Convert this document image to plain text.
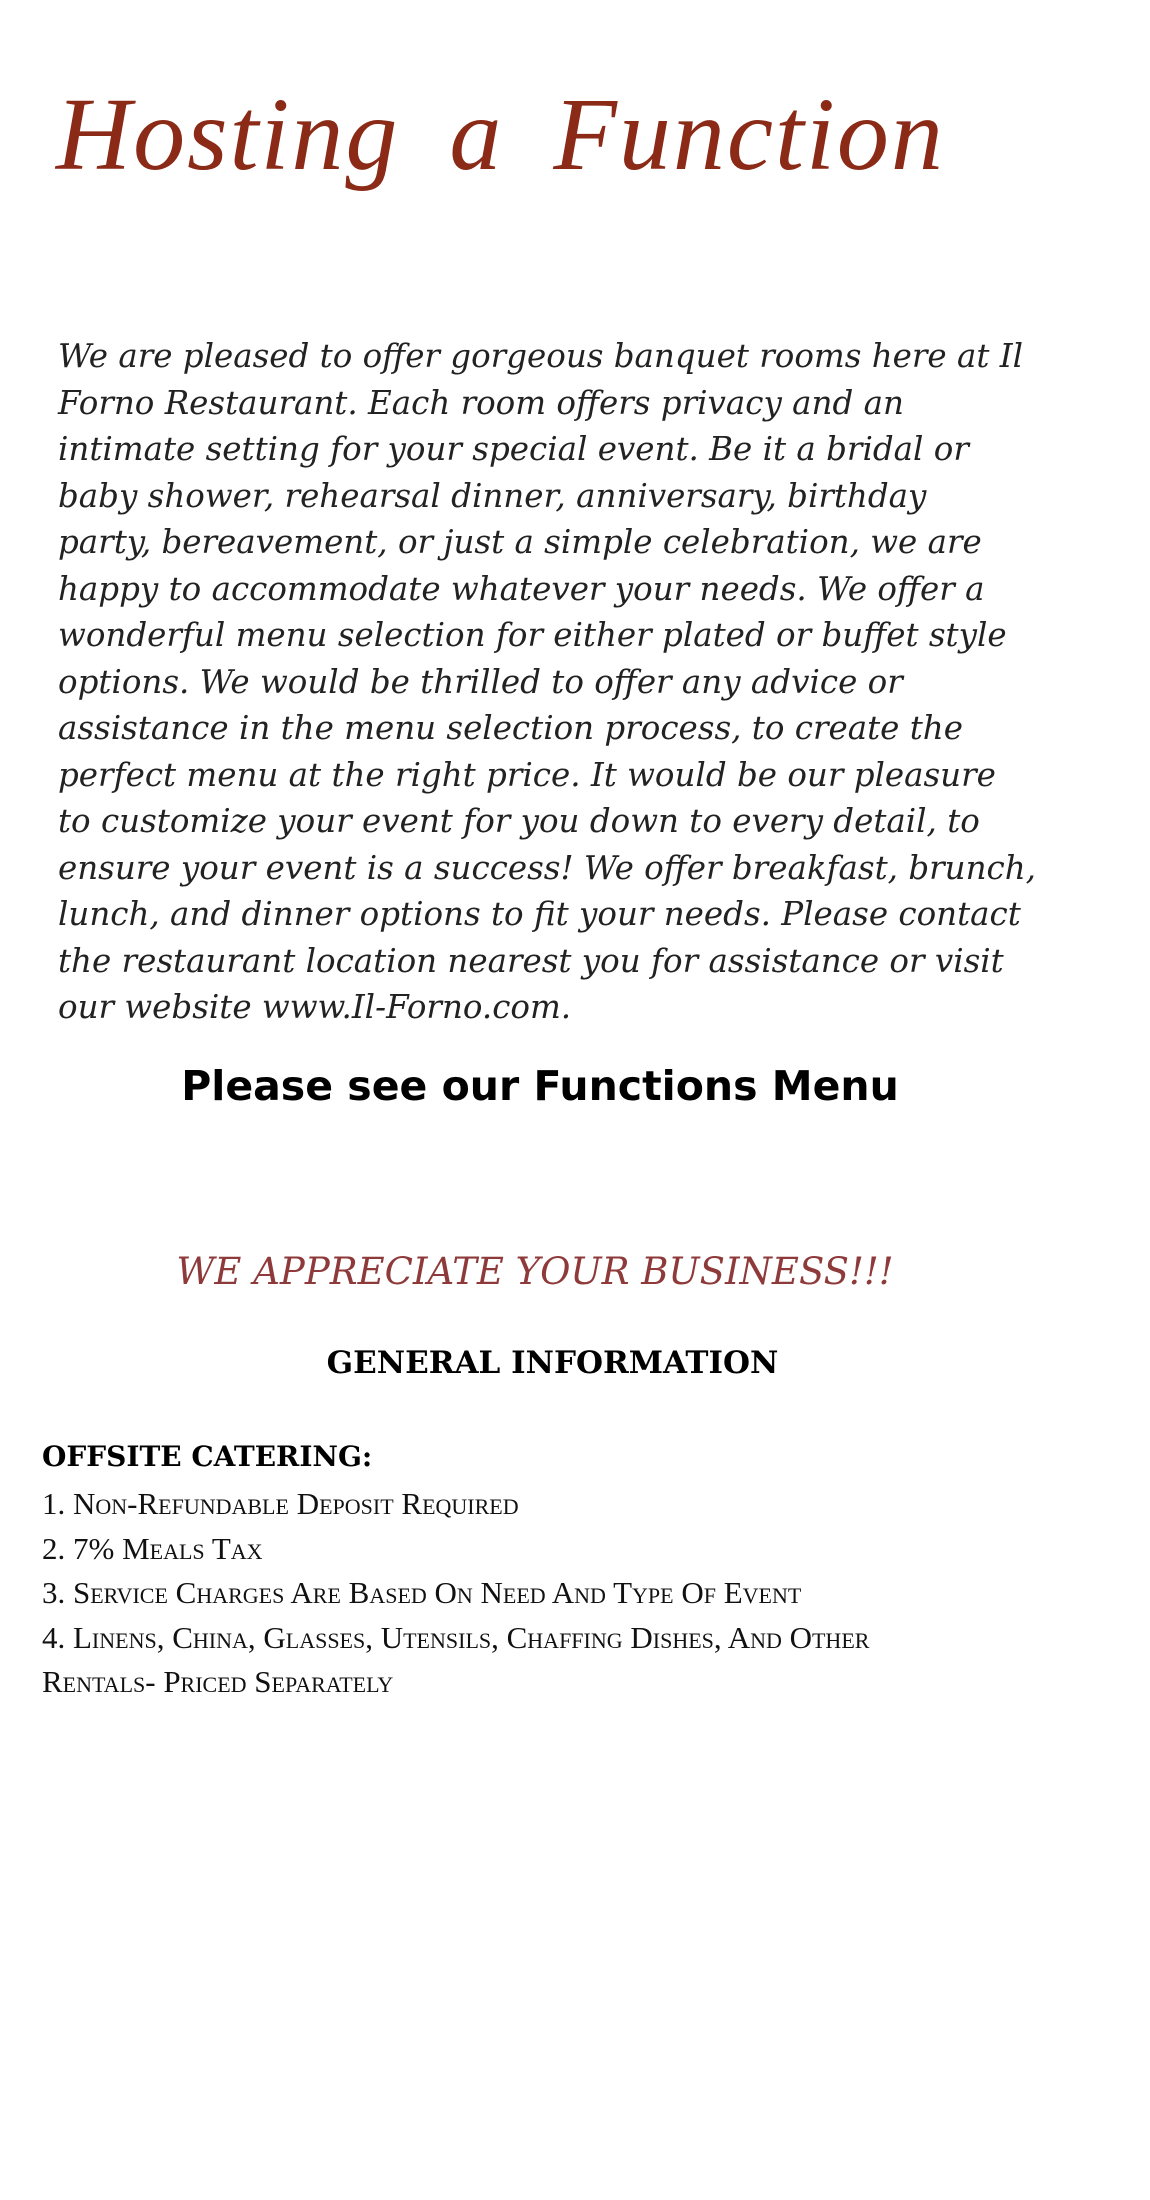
Hosting a Function

We are pleased to offer gorgeous banquet rooms here at Il
Forno Restaurant. Each room offers privacy and an
intimate setting for your special event. Be it a bridal or
baby shower, rehearsal dinner, anniversary, birthday
party, bereavement, or just a simple celebration, we are
happy to accommodate whatever your needs. We offer a
wonderful menu selection for either plated or buffet style
options. We would be thrilled to offer any advice or
assistance in the menu selection process, to create the
perfect menu at the right price. It would be our pleasure
to customize your event for you down to every detail, to
ensure your event is a success! We offer breakfast, brunch,
lunch, and dinner options to fit your needs. Please contact
the restaurant location nearest you for assistance or visit
our website www.Il-Forno.com.

Please see our Functions Menu

WE APPRECIATE YOUR BUSINESS!!!

GENERAL INFORMATION
OFFSITE CATERING:
1. Non-Refundable Deposit Required
2. 7% Meals Tax
3. Service Charges Are Based On Need And Type Of Event
4. Linens, China, Glasses, Utensils, Chaffing Dishes, And Other
Rentals- Priced Separately
